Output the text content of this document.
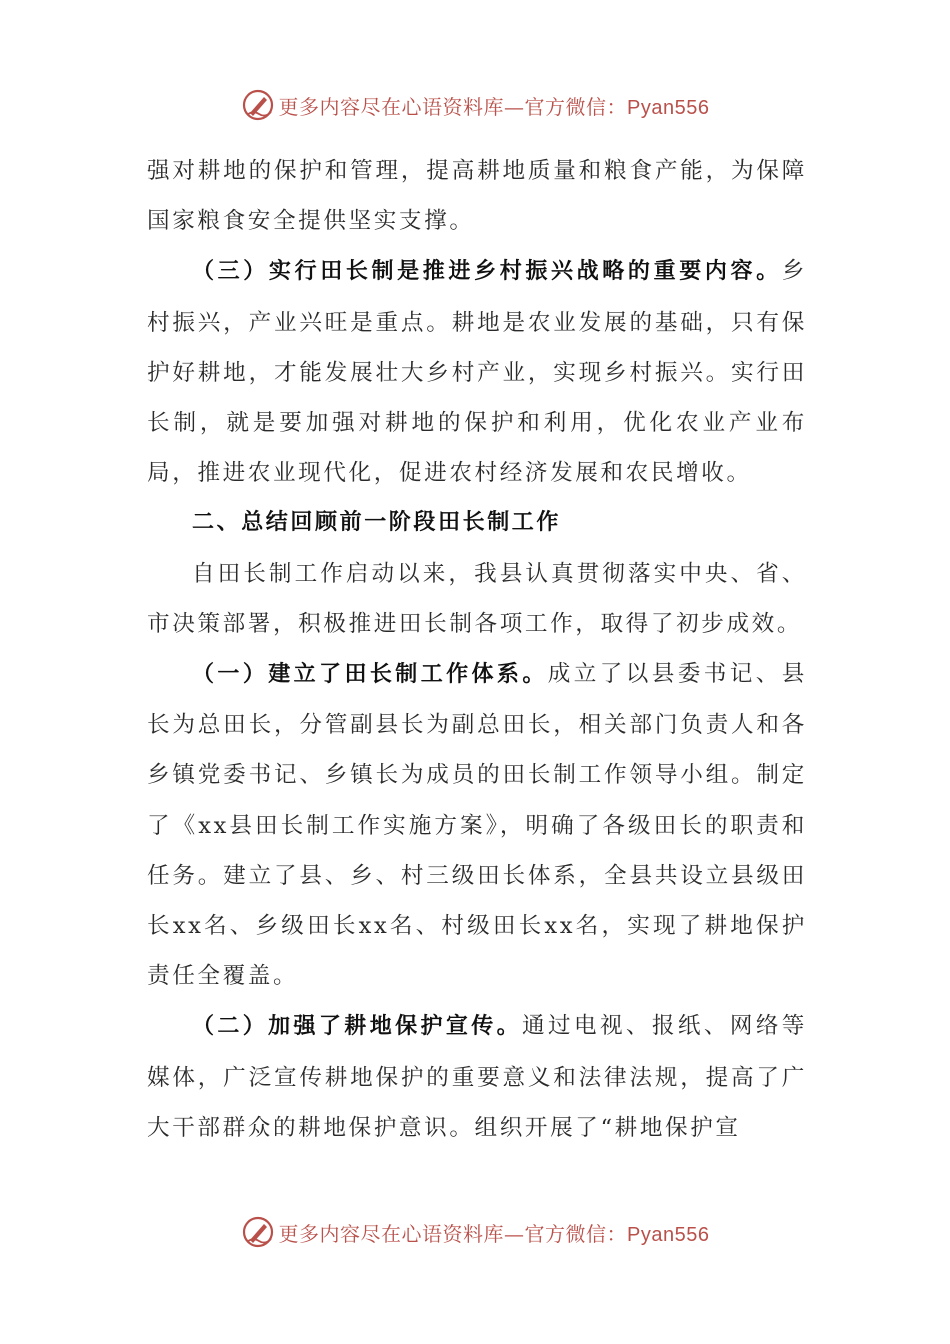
更多内容尽在心语资料库—官方微信：Pyan556

强对耕地的保护和管理，提高耕地质量和粮食产能，为保障国家粮食安全提供坚实支撑。

（三）实行田长制是推进乡村振兴战略的重要内容。乡村振兴，产业兴旺是重点。耕地是农业发展的基础，只有保护好耕地，才能发展壮大乡村产业，实现乡村振兴。实行田长制，就是要加强对耕地的保护和利用，优化农业产业布局，推进农业现代化，促进农村经济发展和农民增收。

二、总结回顾前一阶段田长制工作

自田长制工作启动以来，我县认真贯彻落实中央、省、市决策部署，积极推进田长制各项工作，取得了初步成效。

（一）建立了田长制工作体系。成立了以县委书记、县长为总田长，分管副县长为副总田长，相关部门负责人和各乡镇党委书记、乡镇长为成员的田长制工作领导小组。制定了《xx县田长制工作实施方案》，明确了各级田长的职责和任务。建立了县、乡、村三级田长体系，全县共设立县级田长xx名、乡级田长xx名、村级田长xx名，实现了耕地保护责任全覆盖。

（二）加强了耕地保护宣传。通过电视、报纸、网络等媒体，广泛宣传耕地保护的重要意义和法律法规，提高了广大干部群众的耕地保护意识。组织开展了“耕地保护宣

更多内容尽在心语资料库—官方微信：Pyan556
